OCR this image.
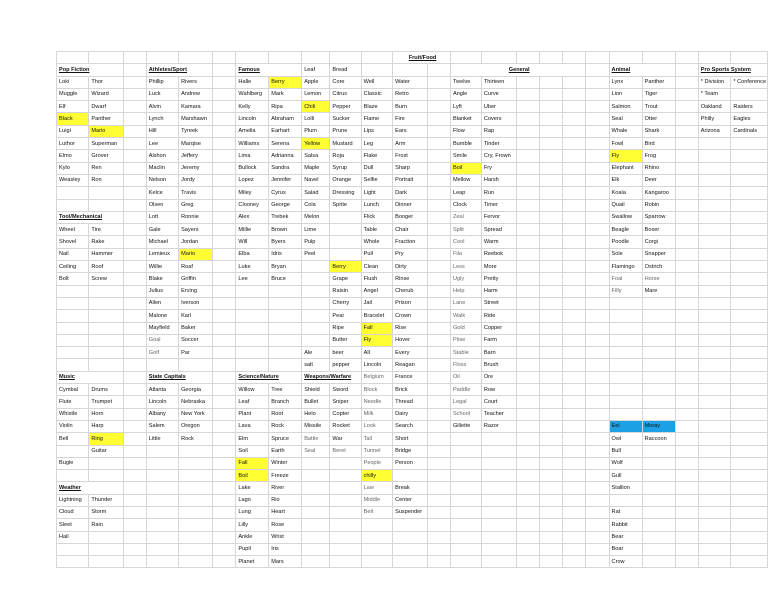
											Fruit/Food												
Pop Fiction			Athletes/Sport			Famous		Leaf	Bread				General						Animal			Pro Sports System	
Loki	Thor		Phillip	Rivers		Halle	Berry	Apple	Core	Well	Water		Twelve	Thirteen					Lynx	Panther		* Division	* Conference
Muggle	Wizard		Luck	Andrew		Wahlberg	Mark	Lemon	Citrus	Classic	Retro		Angle	Curve					Lion	Tiger		* Team	
Elf	Dwarf		Alvin	Kamara		Kelly	Ripa	Chili	Pepper	Blaze	Burn		Lyft	Uber					Salmon	Trout		Oakland	Raiders
Black	Panther		Lynch	Marshawn		Lincoln	Abraham	Lolli	Sucker	Flame	Fire		Blanket	Covers					Seal	Otter		Philly	Eagles
Luigi	Mario		Hill	Tyreek		Amelia	Earhart	Plum	Prune	Lips	Ears		Flow	Rap					Whale	Shark		Arizona	Cardinals
Luthor	Superman		Lee	Marqise		Williams	Serena	Yellow	Mustard	Leg	Arm		Bumble	Tinder					Fowl	Bird			
Elmo	Grover		Alshon	Jeffery		Lima	Adrianna	Salsa	Roja	Flake	Frost		Smile	Cry, Frown					Fly	Frog			
Kylo	Ren		Maclin	Jeremy		Bullock	Sandra	Maple	Syrup	Dull	Sharp		Boil	Fry					Elephant	Rhino			
Weasley	Ron		Nelson	Jordy		Lopez	Jennifer	Navel	Orange	Selfie	Portrait		Mellow	Harsh					Elk	Deer			
			Kelce	Travis		Miley	Cyrus	Salad	Dressing	Light	Dark		Leap	Run					Koala	Kangaroo			
			Olsen	Greg		Clooney	George	Cola	Sprite	Lunch	Dinner		Clock	Timer					Quail	Robin			
Tool/Mechanical			Lott	Ronnie		Alex	Trebek	Melon		Flick	Booger		Zeal	Fervor					Swallow	Sparrow			
Wheel	Tire		Gale	Sayers		Millie	Brown	Lime		Table	Chair		Split	Spread					Beagle	Boxer			
Shovel	Rake		Michael	Jordan		Will	Byers	Pulp		Whole	Fraction		Cool	Warm					Poodle	Corgi			
Nail	Hammer		Lemieux	Mario		Elba	Idris	Peel		Pull	Pry		Fila	Reebok					Sole	Snapper			
Ceiling	Roof		Willie	Roaf		Luke	Bryan		Berry	Clean	Dirty		Less	More					Flamingo	Ostrich			
Bolt	Screw		Blake	Griffin		Lee	Bruce		Grape	Flush	Rinse		Ugly	Pretty					Foal	Horse			
			Julius	Erving					Raisin	Angel	Cherub		Help	Harm					Filly	Mare			
			Allen	Iverson					Cherry	Jail	Prison		Lane	Street									
			Malone	Karl					Pear	Bracelet	Crown		Walk	Ride									
			Mayfield	Baker					Ripe	Fall	Rise		Gold	Copper									
			Goal	Soccer					Butter	Fly	Hover		Plow	Farm									
			Golf	Par				Ale	beer	All	Every		Stable	Barn									
								salt	pepper	Lincoln	Reagan		Floss	Brush									
Music			State Capitals			Science/Nature		Weapons/Warfare		Belgium	France		Oil	Ore									
Cymbal	Drums		Atlanta	Georgia		Willow	Tree	Shield	Sword	Block	Brick		Paddle	Row									
Flute	Trumpet		Lincoln	Nebraska		Leaf	Branch	Bullet	Sniper	Needle	Thread		Legal	Court									
Whistle	Horn		Albany	New York		Plant	Root	Helo	Copter	Milk	Dairy		School	Teacher									
Violin	Harp		Salem	Oregon		Lava	Rock	Missile	Rocket	Look	Search		Gillette	Razor					Eel	Moray			
Bell	Ring		Little	Rock		Elm	Spruce	Battle	War	Tall	Short								Owl	Raccoon			
	Guitar					Soil	Earth	Seal	Beret	Tunnel	Bridge								Bull				
Bugle						Fall	Winter			People	Person								Wolf				
						Boil	Freeze			chilly									Gull				
Weather						Lake	River			Law	Break								Stallion				
Lightning	Thunder					Lago	Rio			Middle	Center												
Cloud	Storm					Lung	Heart			Belt	Suspender								Rat				
Sleet	Rain					Lilly	Rose												Rabbit				
Hail						Ankle	Wrist												Bear				
						Pupil	Iris												Boar				
						Planet	Mars												Crow				
